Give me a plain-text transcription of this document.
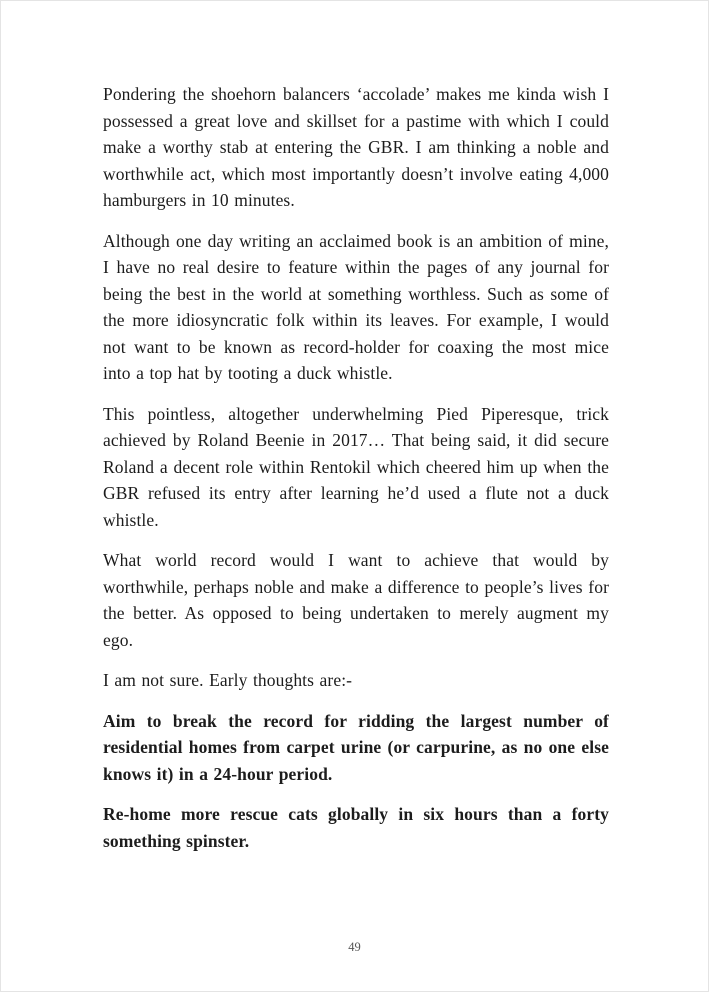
Pondering the shoehorn balancers ‘accolade’ makes me kinda wish I possessed a great love and skillset for a pastime with which I could make a worthy stab at entering the GBR. I am thinking a noble and worthwhile act, which most importantly doesn’t involve eating 4,000 hamburgers in 10 minutes.

Although one day writing an acclaimed book is an ambition of mine, I have no real desire to feature within the pages of any journal for being the best in the world at something worthless. Such as some of the more idiosyncratic folk within its leaves. For example, I would not want to be known as record-holder for coaxing the most mice into a top hat by tooting a duck whistle.

This pointless, altogether underwhelming Pied Piperesque, trick achieved by Roland Beenie in 2017… That being said, it did secure Roland a decent role within Rentokil which cheered him up when the GBR refused its entry after learning he’d used a flute not a duck whistle.

What world record would I want to achieve that would by worthwhile, perhaps noble and make a difference to people’s lives for the better. As opposed to being undertaken to merely augment my ego.

I am not sure. Early thoughts are:-

Aim to break the record for ridding the largest number of residential homes from carpet urine (or carpurine, as no one else knows it) in a 24-hour period.

Re-home more rescue cats globally in six hours than a forty something spinster.

49
